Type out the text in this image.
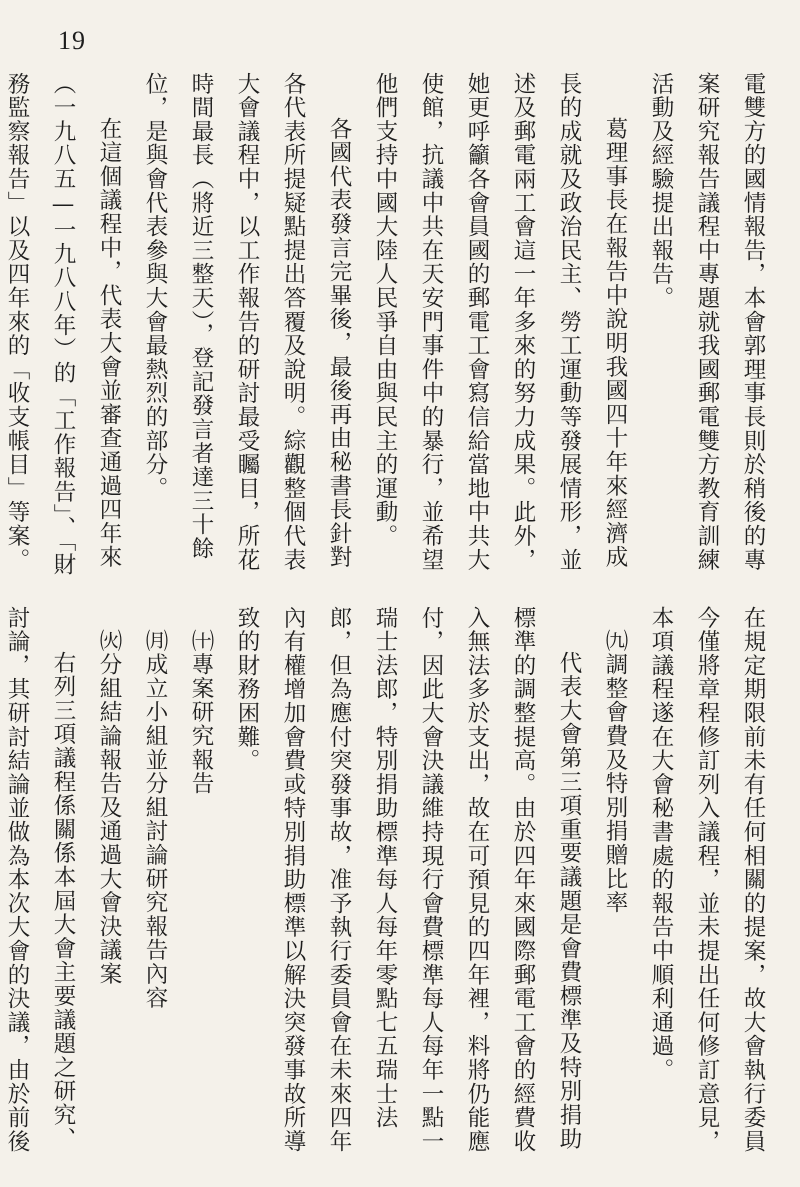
19

電雙方的國情報告，本會郭理事長則於稍後的專案研究報告議程中專題就我國郵電雙方教育訓練活動及經驗提出報告。

葛理事長在報告中說明我國四十年來經濟成長的成就及政治民主、勞工運動等發展情形，並述及郵電兩工會這一年多來的努力成果。此外，她更呼籲各會員國的郵電工會寫信給當地中共大使館，抗議中共在天安門事件中的暴行，並希望他們支持中國大陸人民爭自由與民主的運動。

各國代表發言完畢後，最後再由秘書長針對各代表所提疑點提出答覆及說明。綜觀整個代表大會議程中，以工作報告的研討最受矚目，所花時間最長（將近三整天），登記發言者達三十餘位，是與會代表參與大會最熱烈的部分。

在這個議程中，代表大會並審查通過四年來（一九八五—一九八八年）的「工作報告」、「財務監察報告」以及四年來的「收支帳目」等案。

在規定期限前未有任何相關的提案，故大會執行委員今僅將章程修訂列入議程，並未提出任何修訂意見，本項議程遂在大會秘書處的報告中順利通過。

㈨調整會費及特別捐贈比率

代表大會第三項重要議題是會費標準及特別捐助標準的調整提高。由於四年來國際郵電工會的經費收入無法多於支出，故在可預見的四年裡，料將仍能應付，因此大會決議維持現行會費標準每人每年一點一瑞士法郎，特別捐助標準每人每年零點七五瑞士法郎，但為應付突發事故，准予執行委員會在未來四年內有權增加會費或特別捐助標準以解決突發事故所導致的財務困難。

㈩專案研究報告

㈪成立小組並分組討論研究報告內容

㈫分組結論報告及通過大會決議案

右列三項議程係關係本屆大會主要議題之研究、討論，其研討結論並做為本次大會的決議，由於前後
